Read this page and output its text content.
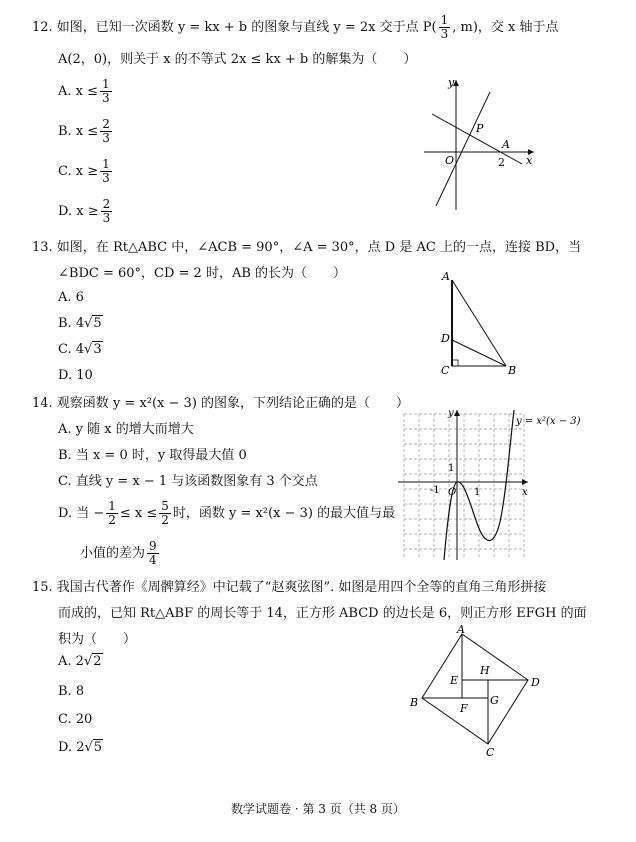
12. 如图，已知一次函数 y = kx + b 的图象与直线 y = 2x 交于点 $P( \frac{1}{3}$ , m)，交 x 轴于点
A(2，0)，则关于 x 的不等式 2x ≤ kx + b 的解集为（　　）
A. $x \le \frac{1}{3}$
B. $x \le \frac{2}{3}$
C. $x \ge \frac{1}{3}$
D. $x \ge \frac{2}{3}$
y
x
O
P
A
2
13. 如图，在 Rt△ABC 中，∠ACB = 90°，∠A = 30°，点 D 是 AC 上的一点，连接 BD，当
∠BDC = 60°，CD = 2 时，AB 的长为（　　）
A. 6
B. 4√5
C. 4√3
D. 10
A
D
C	B
14. 观察函数 y = x²(x − 3) 的图象，下列结论正确的是（　　）
A. y 随 x 的增大而增大
B. 当 x = 0 时，y 取得最大值 0
C. 直线 y = x − 1 与该函数图象有 3 个交点
D. 当 − $\frac{1}{2} \le x \le \frac{5}{2}$ 时，函数 y = x²(x − 3) 的最大值与最
小值的差为 $\frac{9}{4}$
y
x
O
1
-1	1
y = x²(x − 3)
15. 我国古代著作《周髀算经》中记载了“赵爽弦图”. 如图是用四个全等的直角三角形拼接
而成的，已知 Rt△ABF 的周长等于 14，正方形 ABCD 的边长是 6，则正方形 EFGH 的面
积为（　　）
A. 2√2
B. 8
C. 20
D. 2√5
A
B
C
D
E
F
G
H
数学试题卷 · 第 3 页（共 8 页）
